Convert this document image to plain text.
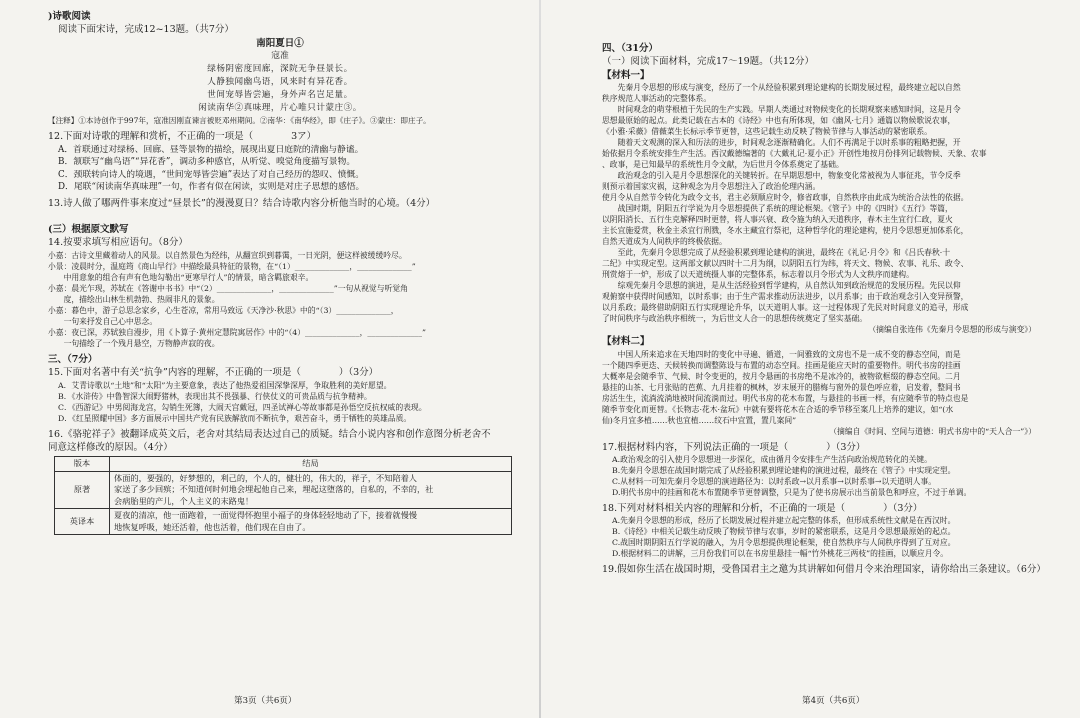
)诗歌阅读

阅读下面宋诗，完成12~13题。（共7分）

南阳夏日①

寇准

绿杨阴密度回廊，深院无争昼景长。

人静独闻幽鸟语，风来时有异花香。

世间宠辱皆尝遍，身外声名岂足量。

闲读南华②真味理，片心唯只计蒙庄③。

【注释】①本诗创作于997年，寇准因刚直谏言被贬邓州期间。②南华：《南华经》，即《庄子》。③蒙庄：即庄子。

12.下面对诗歌的理解和赏析，不正确的一项是（　　　　3ア）

A．首联通过对绿杨、回廊、昼等景物的描绘，展现出夏日庭院的清幽与静谧。

B．颔联写“幽鸟语”“异花香”，调动多种感官，从听觉、嗅觉角度描写景物。

C．颈联转向诗人的境遇，“世间宠辱皆尝遍”表达了对自己经历的怨叹、愤慨。

D．尾联“闲读南华真味理”一句，作者有似在闲读，实则是对庄子思想的感悟。

13.诗人做了哪两件事来度过“昼景长”的漫漫夏日？结合诗歌内容分析他当时的心境。（4分）

(三）根据原文默写

14.按要求填写相应语句。（8分）

小嘉：古诗文里藏着动人的风景。以自然景色为经纬，从翻宣织到暮霭，一日光阴，便这样被缓缓吟尽。

小景：凌晨时分，温庭筠《商山早行》中描绘最具特征的景物，在“（1）______________，______________”

　　中用意象的组合有声有色地勾勒出“更寒早行人”的情景，暗含羁旅艰辛。

小嘉：晨光乍现，苏轼在《答谢中书书》中“（2）______________，______________”一句从视觉与听觉角

　　度，描绘出山林生机勃勃、热闹非凡的景象。

小嘉：暮色中，游子总思念家乡，心生苍凉，常用马致远《天净沙·秋思》中的“（3）______________，

　　一句来抒发自己心中思念。

小嘉：夜已深，苏轼独自漫步，用《卜算子·黄州定慧院寓居作》中的“（4）______________，______________”

　　一句描绘了一个残月悬空，万物静声寂的夜。

三、（7分）

15.下面对名著中有关“抗争”内容的理解，不正确的一项是（　　　　）（3分）

A．艾青诗歌以“土地”和“太阳”为主要意象，表达了他热爱祖国深挚深厚，争取胜利的美好愿望。

B．《水浒传》中鲁智深大闹野猪林，表现出其不畏强暴、行侠仗义的可贵品质与抗争精神。

C．《西游记》中男阅海龙宫，勾销生死簿，大闹天宫戴冠，四圣试禅心等故事都是孙悟空反抗权威的表现。

D．《红星照耀中国》多方面展示中国共产党有民族解放而不断抗争，艰苦奋斗，勇于牺牲的英雄品质。

16.《骆驼祥子》被翻译成英文后，老舍对其结局表达过自己的质疑。结合小说内容和创作意图分析老舍不

同意这样修改的原因。（4分）

版本	结局
原著	体面的，要强的，好梦想的，利己的，个人的，健壮的，伟大的，祥子，不知陪着人
家送了多少回殡；不知道何时何地会埋起他自己来，埋起这堕落的，自私的，不幸的，社
会病胎里的产儿，个人主义的末路鬼！

英译本	夏夜的清凉，他一面跑着，一面觉得怀抱里小福子的身体轻轻地动了下，接着就慢慢
地恢复呼吸，她还活着，他也活着，他们现在自由了。
第3页（共6页）

四、（31分）

（一）阅读下面材料，完成17～19题。（共12分）

【材料一】

　　先秦月令思想的形成与演变，经历了一个从经验积累到理论建构的长期发展过程，最终建立起以自然

秩序规范人事活动的完整体系。

　　时间观念的萌芽根植于先民的生产实践。早期人类通过对物候变化的长期观察来感知时间，这是月令

思想最原始的起点。此类记载在古本的《诗经》中也有所体现，如《幽风·七月》通篇以物候歌说农事，

《小雅·采薇》借薇菜生长标示季节更替，这些记载生动反映了物候节律与人事活动的紧密联系。

　　随着天文观测的深入和历法的进步，时间观念逐渐精确化。人们不再满足于以时系事的粗略把握，开

始依据月令系统安排生产生活。西汉戴德编著的《大戴礼记·夏小正》开创性地按月份排列记载物候、天象、农事

、政事，是已知最早的系统性月令文献，为后世月令体系奠定了基础。

　　政治观念的引入是月令思想深化的关键转折。在早期思想中，物象变化常被视为人事征兆，节令反季

则预示着国家灾祸，这种观念为月令思想注入了政治伦理内涵。

使月令从自然节令转化为政令文书，君主必须顺应时令，修省政事，自然秩序由此成为统治合法性的依据。

　　战国时期，阴阳五行学说为月令思想提供了系统的理论框架。《管子》中的《四时》《五行》等篇，

以阴阳消长、五行生克解释四时更替，将人事兴衰、政令施为纳入天道秩序，春木主生宜行仁政，夏火

主长宜施爱赏，秋金主杀宜行刑戮，冬水主藏宜行祭祀，这种哲学化的理论建构，使月令思想更加体系化，

自然天道成为人间秩序的终极依据。

　　至此，先秦月令思想完成了从经验积累到理论建构的演进，最终在《礼记·月令》和《吕氏春秋·十

二纪》中实现定型。这两部文献以四时十二月为纲，以阴阳五行为纬，将天文、物候、农事、礼乐、政令、

刑赏熔于一炉，形成了以天道统摄人事的完整体系，标志着以月令形式为人文秩序而建构。

　　综观先秦月令思想的演进，是从生活经验到哲学建构，从自然认知到政治规范的发展历程。先民以仰

观俯察中获得时间感知，以时系事；由于生产需求推动历法进步，以月系事；由于政治观念引入变异预警，

以月系政；最终借助阴阳五行实现理论升华，以天道明人事。这一过程体现了先民对时间意义的追寻，形成

了时间秩序与政治秩序相统一，为后世文人合一的思想传统奠定了坚实基础。

（摘编自张连伟《先秦月令思想的形成与演变》）

【材料二】

　　中国人所来追求在天地四时的变化中寻遍、循道，一间雅致的文房也不是一成不变的静态空间，而是

一个随四季更迭、天候转换而调整陈设与布置的动态空间。挂画是能应天时的重要物件。明代书房的挂画

大概率是会随季节、气候、时令变更的，按月令悬画的书房绝不是冰冷的，被物欲框缀的静态空间。二月

悬挂的山茶、七月张贴的芭蕉、九月挂着的枫林，岁末展开的腊梅与窗外的景色呼应着，启发着，整间书

房活生生，流淌流淌地被时间流淌而过。明代书房的花木布置，与悬挂的书画一样，有应随季节的特点也是

随季节变化而更替。《长物志·花木·盆玩》中就有要将花木在合适的季节移至案几上培养的建议，如“(水

仙)冬月宜多植……秋也宜植……纹石中宜置，置几案间”

（摘编自《时间、空间与道德：明式书房中的“天人合一”》）

17.根据材料内容，下列说法正确的一项是（　　　　）（3分）

A.政治观念的引入使月令思想进一步深化，成由循月令安排生产生活向政治规范转化的关键。

B.先秦月令思想在战国时期完成了从经验积累到理论建构的演进过程，最终在《管子》中实现定型。

C.从材料一可知先秦月令思想的演进路径为：以时系政→以月系事→以时系事→以天道明人事。

D.明代书房中的挂画和花木布置随季节更替调整，只是为了使书房展示出当前景色和呼应，不过于单调。

18.下列对材料相关内容的理解和分析，不正确的一项是（　　　　）（3分）

A.先秦月令思想的形成，经历了长期发展过程并建立起完整的体系，但形成系统性文献是在西汉时。

B.《诗经》中相关记载生动反映了物候节律与农事，岁时的紧密联系，这是月令思想最原始的起点。

C.战国时期阴阳五行学说的融入，为月令思想提供理论框架，使自然秩序与人间秩序得到了互对应。

D.根据材料二的讲解，三月份我们可以在书房里悬挂一幅“竹外桃花三两枝”的挂画，以顺应月令。

19.假如你生活在战国时期，受鲁国君主之邀为其讲解如何借月令来治理国家，请你给出三条建议。（6分）

第4页（共6页）
